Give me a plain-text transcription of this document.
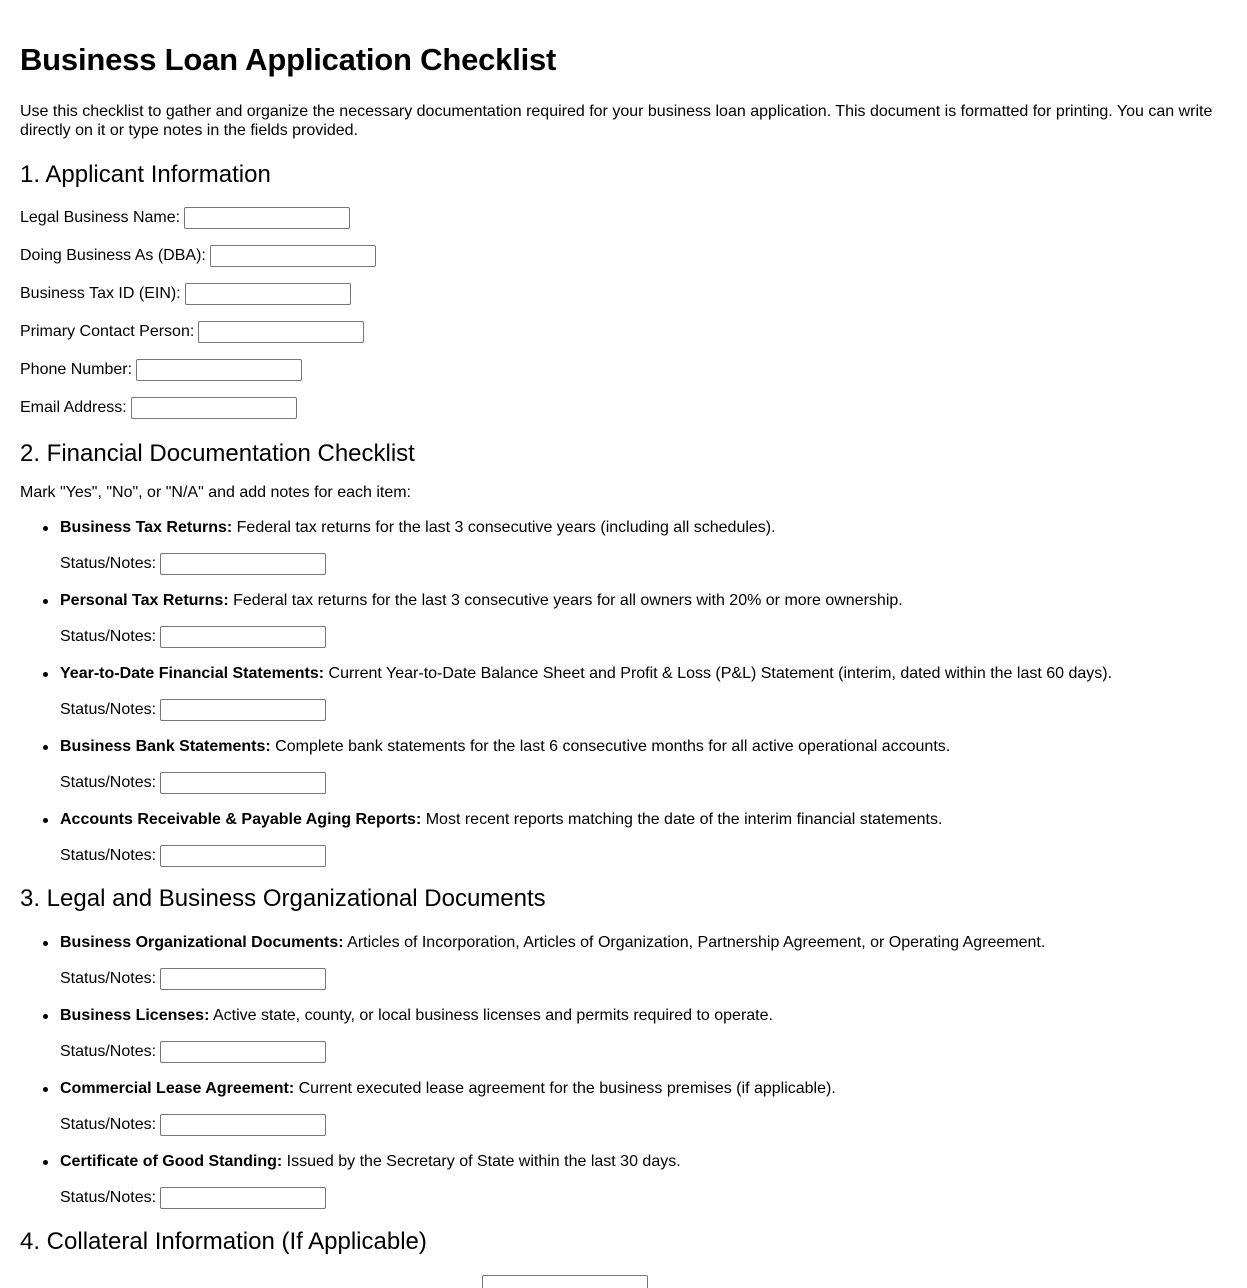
Business Loan Application Checklist

Use this checklist to gather and organize the necessary documentation required for your business loan application. This document is formatted for printing. You can write directly on it or type notes in the fields provided.

1. Applicant Information
Legal Business Name:
Doing Business As (DBA):
Business Tax ID (EIN):
Primary Contact Person:
Phone Number:
Email Address:
2. Financial Documentation Checklist
Mark "Yes", "No", or "N/A" and add notes for each item:
Business Tax Returns: Federal tax returns for the last 3 consecutive years (including all schedules).
Status/Notes:
Personal Tax Returns: Federal tax returns for the last 3 consecutive years for all owners with 20% or more ownership.
Status/Notes:
Year-to-Date Financial Statements: Current Year-to-Date Balance Sheet and Profit & Loss (P&L) Statement (interim, dated within the last 60 days).
Status/Notes:
Business Bank Statements: Complete bank statements for the last 6 consecutive months for all active operational accounts.
Status/Notes:
Accounts Receivable & Payable Aging Reports: Most recent reports matching the date of the interim financial statements.
Status/Notes:
3. Legal and Business Organizational Documents
Business Organizational Documents: Articles of Incorporation, Articles of Organization, Partnership Agreement, or Operating Agreement.
Status/Notes:
Business Licenses: Active state, county, or local business licenses and permits required to operate.
Status/Notes:
Commercial Lease Agreement: Current executed lease agreement for the business premises (if applicable).
Status/Notes:
Certificate of Good Standing: Issued by the Secretary of State within the last 30 days.
Status/Notes:
4. Collateral Information (If Applicable)
